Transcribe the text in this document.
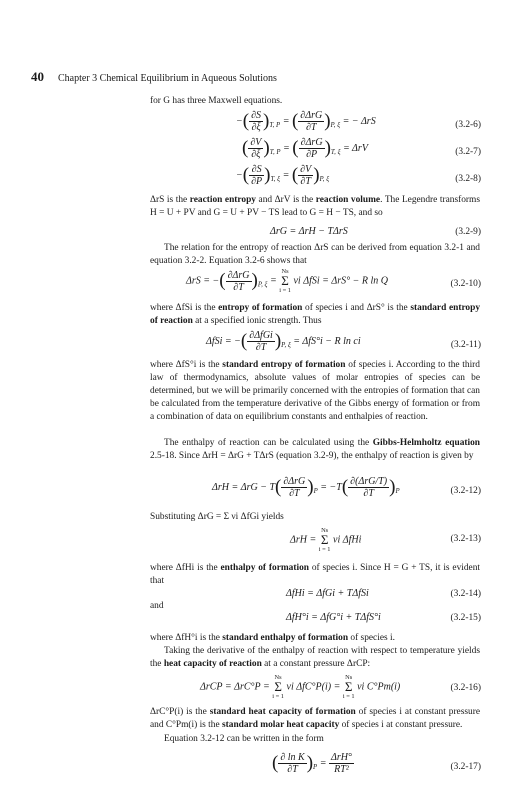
40 Chapter 3 Chemical Equilibrium in Aqueous Solutions
for G has three Maxwell equations.
−( $\frac{\partial S}{\partial\xi} )_{T, P}$ = ( $\frac{\text{∂ΔrG}}{\partial T} )_{P, \xi}$ = − ΔrS	(3.2-6)
( $\frac{\partial V}{\partial\xi} )_{T, P}$ = ( $\frac{\text{∂ΔrG}}{\partial P} )_{T, \xi} = \Delta rV$	(3.2-7)
−( $\frac{\partial S}{\partial P} )_{T, \xi}$ = ( $\frac{\partial V}{\partial T} )_{P, \xi}$	(3.2-8)
ΔrS is the reaction entropy and ΔrV is the reaction volume. The Legendre transforms H = U + PV and G = U + PV − TS lead to G = H − TS, and so
ΔrG = ΔrH − TΔrS	(3.2-9)
The relation for the entropy of reaction ΔrS can be derived from equation 3.2-1 and equation 3.2-2. Equation 3.2-6 shows that
ΔrS = −( $\frac{\text{∂ΔrG}}{\partial T} )_{P, \xi}$ =
Ns
Σ
i = 1
νi ΔfSi = ΔrS° − R ln Q	(3.2-10)
where ΔfSi is the entropy of formation of species i and ΔrS° is the standard entropy of reaction at a specified ionic strength. Thus
ΔfSi = −( $\frac{\text{∂ΔfGi}}{\partial T} )_{P, \xi} = \Delta fS^\circ i - R$ ln ci	(3.2-11)
where ΔfS°i is the standard entropy of formation of species i. According to the third law of thermodynamics, absolute values of molar entropies of species can be determined, but we will be primarily concerned with the entropies of formation that can be calculated from the temperature derivative of the Gibbs energy of formation or from a combination of data on equilibrium constants and enthalpies of reaction.
The enthalpy of reaction can be calculated using the Gibbs-Helmholtz equation 2.5-18. Since ΔrH = ΔrG + TΔrS (equation 3.2-9), the enthalpy of reaction is given by
$\Delta rH = \Delta rG - T( \frac{\text{∂ΔrG}}{\partial T} )_P = -T( \frac{\text{∂(ΔrG/T)}}{\partial T} )_P$	(3.2-12)
Substituting ΔrG = Σ νi ΔfGi yields
ΔrH =
Ns
Σ
i = 1
νi ΔfHi	(3.2-13)
where ΔfHi is the enthalpy of formation of species i. Since H = G + TS, it is evident that
ΔfHi = ΔfGi + TΔfSi	(3.2-14)
and
ΔfH°i = ΔfG°i + TΔfS°i	(3.2-15)
where ΔfH°i is the standard enthalpy of formation of species i.
Taking the derivative of the enthalpy of reaction with respect to temperature yields the heat capacity of reaction at a constant pressure ΔrCP:
ΔrCP = ΔrC°P =
Ns
Σ
i = 1
νi ΔfC°P(i) =
Ns
Σ
i = 1
νi C°Pm(i)	(3.2-16)
ΔrC°P(i) is the standard heat capacity of formation of species i at constant pressure and C°Pm(i) is the standard molar heat capacity of species i at constant pressure.
Equation 3.2-12 can be written in the form
( $\frac{\text{∂ ln K}}{\partial T} )_P = \frac{\text{ΔrH°}}{\text{RT²}}$	(3.2-17)
